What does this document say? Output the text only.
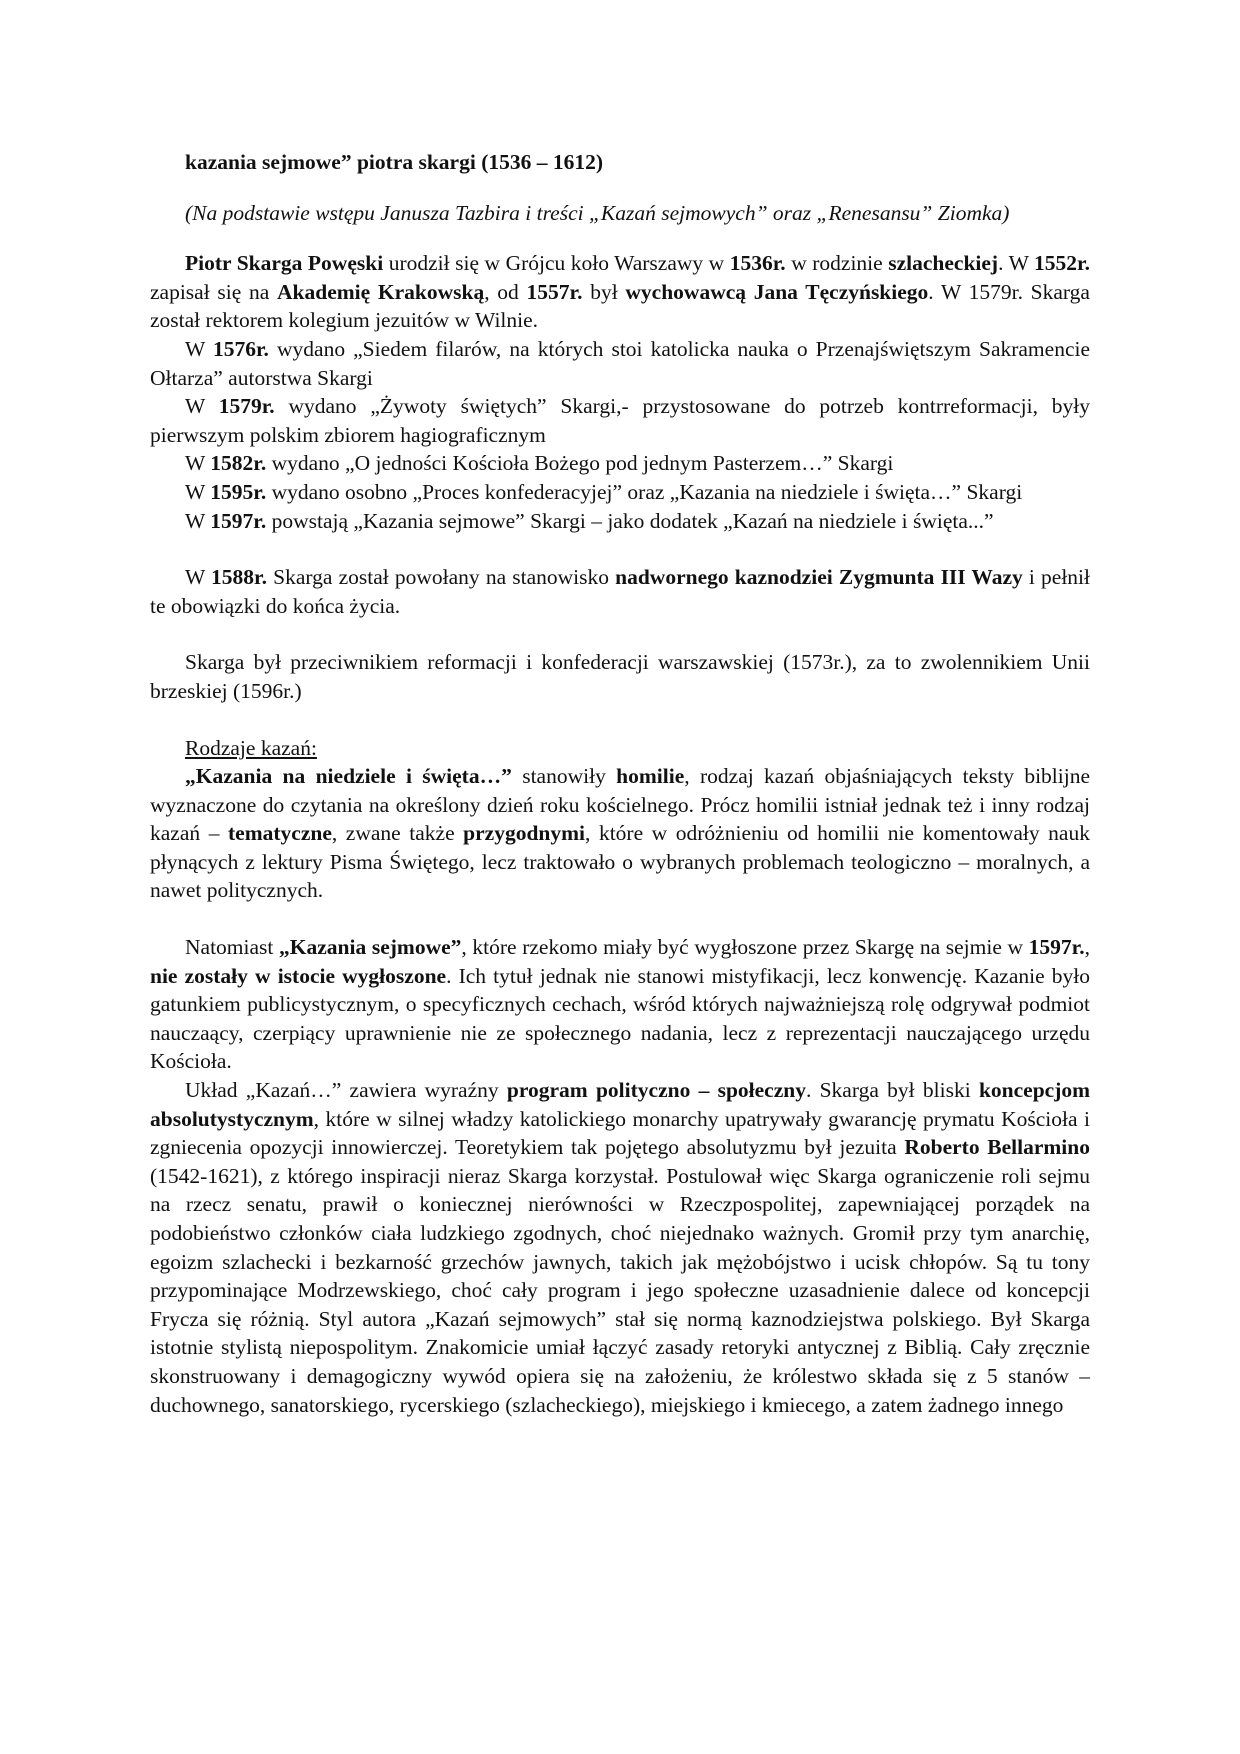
kazania sejmowe” piotra skargi (1536 – 1612)

(Na podstawie wstępu Janusza Tazbira i treści „Kazań sejmowych” oraz „Renesansu” Ziomka)

Piotr Skarga Powęski urodził się w Grójcu koło Warszawy w 1536r. w rodzinie szlacheckiej. W 1552r. zapisał się na Akademię Krakowską, od 1557r. był wychowawcą Jana Tęczyńskiego. W 1579r. Skarga został rektorem kolegium jezuitów w Wilnie.

W 1576r. wydano „Siedem filarów, na których stoi katolicka nauka o Przenajświętszym Sakramencie Ołtarza” autorstwa Skargi

W 1579r. wydano „Żywoty świętych” Skargi,- przystosowane do potrzeb kontrreformacji, były pierwszym polskim zbiorem hagiograficznym

W 1582r. wydano „O jedności Kościoła Bożego pod jednym Pasterzem…” Skargi

W 1595r. wydano osobno „Proces konfederacyjej” oraz „Kazania na niedziele i święta…” Skargi

W 1597r. powstają „Kazania sejmowe” Skargi – jako dodatek „Kazań na niedziele i święta...”

W 1588r. Skarga został powołany na stanowisko nadwornego kaznodziei Zygmunta III Wazy i pełnił te obowiązki do końca życia.

Skarga był przeciwnikiem reformacji i konfederacji warszawskiej (1573r.), za to zwolennikiem Unii brzeskiej (1596r.)

Rodzaje kazań:

„Kazania na niedziele i święta…” stanowiły homilie, rodzaj kazań objaśniających teksty biblijne wyznaczone do czytania na określony dzień roku kościelnego. Prócz homilii istniał jednak też i inny rodzaj kazań – tematyczne, zwane także przygodnymi, które w odróżnieniu od homilii nie komentowały nauk płynących z lektury Pisma Świętego, lecz traktowało o wybranych problemach teologiczno – moralnych, a nawet politycznych.

Natomiast „Kazania sejmowe”, które rzekomo miały być wygłoszone przez Skargę na sejmie w 1597r., nie zostały w istocie wygłoszone. Ich tytuł jednak nie stanowi mistyfikacji, lecz konwencję. Kazanie było gatunkiem publicystycznym, o specyficznych cechach, wśród których najważniejszą rolę odgrywał podmiot nauczaący, czerpiący uprawnienie nie ze społecznego nadania, lecz z reprezentacji nauczającego urzędu Kościoła.

Układ „Kazań…” zawiera wyraźny program polityczno – społeczny. Skarga był bliski koncepcjom absolutystycznym, które w silnej władzy katolickiego monarchy upatrywały gwarancję prymatu Kościoła i zgniecenia opozycji innowierczej. Teoretykiem tak pojętego absolutyzmu był jezuita Roberto Bellarmino (1542-1621), z którego inspiracji nieraz Skarga korzystał. Postulował więc Skarga ograniczenie roli sejmu na rzecz senatu, prawił o koniecznej nierówności w Rzeczpospolitej, zapewniającej porządek na podobieństwo członków ciała ludzkiego zgodnych, choć niejednako ważnych. Gromił przy tym anarchię, egoizm szlachecki i bezkarność grzechów jawnych, takich jak mężobójstwo i ucisk chłopów. Są tu tony przypominające Modrzewskiego, choć cały program i jego społeczne uzasadnienie dalece od koncepcji Frycza się różnią. Styl autora „Kazań sejmowych” stał się normą kaznodziejstwa polskiego. Był Skarga istotnie stylistą niepospolitym. Znakomicie umiał łączyć zasady retoryki antycznej z Biblią. Cały zręcznie skonstruowany i demagogiczny wywód opiera się na założeniu, że królestwo składa się z 5 stanów – duchownego, sanatorskiego, rycerskiego (szlacheckiego), miejskiego i kmiecego, a zatem żadnego innego
